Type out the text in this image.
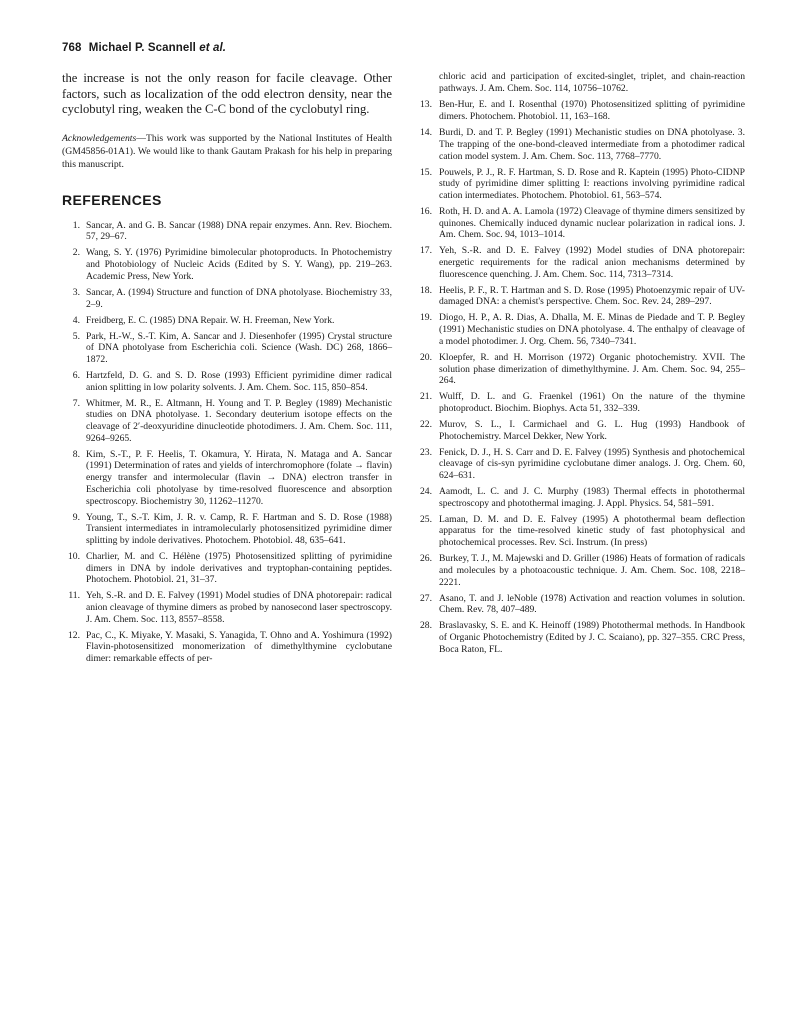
768 Michael P. Scannell et al.

the increase is not the only reason for facile cleavage. Other factors, such as localization of the odd electron density, near the cyclobutyl ring, weaken the C-C bond of the cyclobutyl ring.

Acknowledgements—This work was supported by the National Institutes of Health (GM45856-01A1). We would like to thank Gautam Prakash for his help in preparing this manuscript.

REFERENCES
1. Sancar, A. and G. B. Sancar (1988) DNA repair enzymes. Ann. Rev. Biochem. 57, 29–67.
2. Wang, S. Y. (1976) Pyrimidine bimolecular photoproducts. In Photochemistry and Photobiology of Nucleic Acids (Edited by S. Y. Wang), pp. 219–263. Academic Press, New York.
3. Sancar, A. (1994) Structure and function of DNA photolyase. Biochemistry 33, 2–9.
4. Freidberg, E. C. (1985) DNA Repair. W. H. Freeman, New York.
5. Park, H.-W., S.-T. Kim, A. Sancar and J. Diesenhofer (1995) Crystal structure of DNA photolyase from Escherichia coli. Science (Wash. DC) 268, 1866–1872.
6. Hartzfeld, D. G. and S. D. Rose (1993) Efficient pyrimidine dimer radical anion splitting in low polarity solvents. J. Am. Chem. Soc. 115, 850–854.
7. Whitmer, M. R., E. Altmann, H. Young and T. P. Begley (1989) Mechanistic studies on DNA photolyase. 1. Secondary deuterium isotope effects on the cleavage of 2′-deoxyuridine dinucleotide photodimers. J. Am. Chem. Soc. 111, 9264–9265.
8. Kim, S.-T., P. F. Heelis, T. Okamura, Y. Hirata, N. Mataga and A. Sancar (1991) Determination of rates and yields of interchromophore (folate → flavin) energy transfer and intermolecular (flavin → DNA) electron transfer in Escherichia coli photolyase by time-resolved fluorescence and absorption spectroscopy. Biochemistry 30, 11262–11270.
9. Young, T., S.-T. Kim, J. R. v. Camp, R. F. Hartman and S. D. Rose (1988) Transient intermediates in intramolecularly photosensitized pyrimidine dimer splitting by indole derivatives. Photochem. Photobiol. 48, 635–641.
10. Charlier, M. and C. Hélène (1975) Photosensitized splitting of pyrimidine dimers in DNA by indole derivatives and tryptophan-containing peptides. Photochem. Photobiol. 21, 31–37.
11. Yeh, S.-R. and D. E. Falvey (1991) Model studies of DNA photorepair: radical anion cleavage of thymine dimers as probed by nanosecond laser spectroscopy. J. Am. Chem. Soc. 113, 8557–8558.
12. Pac, C., K. Miyake, Y. Masaki, S. Yanagida, T. Ohno and A. Yoshimura (1992) Flavin-photosensitized monomerization of dimethylthymine cyclobutane dimer: remarkable effects of per-
chloric acid and participation of excited-singlet, triplet, and chain-reaction pathways. J. Am. Chem. Soc. 114, 10756–10762.
13. Ben-Hur, E. and I. Rosenthal (1970) Photosensitized splitting of pyrimidine dimers. Photochem. Photobiol. 11, 163–168.
14. Burdi, D. and T. P. Begley (1991) Mechanistic studies on DNA photolyase. 3. The trapping of the one-bond-cleaved intermediate from a photodimer radical cation model system. J. Am. Chem. Soc. 113, 7768–7770.
15. Pouwels, P. J., R. F. Hartman, S. D. Rose and R. Kaptein (1995) Photo-CIDNP study of pyrimidine dimer splitting I: reactions involving pyrimidine radical cation intermediates. Photochem. Photobiol. 61, 563–574.
16. Roth, H. D. and A. A. Lamola (1972) Cleavage of thymine dimers sensitized by quinones. Chemically induced dynamic nuclear polarization in radical ions. J. Am. Chem. Soc. 94, 1013–1014.
17. Yeh, S.-R. and D. E. Falvey (1992) Model studies of DNA photorepair: energetic requirements for the radical anion mechanisms determined by fluorescence quenching. J. Am. Chem. Soc. 114, 7313–7314.
18. Heelis, P. F., R. T. Hartman and S. D. Rose (1995) Photoenzymic repair of UV-damaged DNA: a chemist's perspective. Chem. Soc. Rev. 24, 289–297.
19. Diogo, H. P., A. R. Dias, A. Dhalla, M. E. Minas de Piedade and T. P. Begley (1991) Mechanistic studies on DNA photolyase. 4. The enthalpy of cleavage of a model photodimer. J. Org. Chem. 56, 7340–7341.
20. Kloepfer, R. and H. Morrison (1972) Organic photochemistry. XVII. The solution phase dimerization of dimethylthymine. J. Am. Chem. Soc. 94, 255–264.
21. Wulff, D. L. and G. Fraenkel (1961) On the nature of the thymine photoproduct. Biochim. Biophys. Acta 51, 332–339.
22. Murov, S. L., I. Carmichael and G. L. Hug (1993) Handbook of Photochemistry. Marcel Dekker, New York.
23. Fenick, D. J., H. S. Carr and D. E. Falvey (1995) Synthesis and photochemical cleavage of cis-syn pyrimidine cyclobutane dimer analogs. J. Org. Chem. 60, 624–631.
24. Aamodt, L. C. and J. C. Murphy (1983) Thermal effects in photothermal spectroscopy and photothermal imaging. J. Appl. Physics. 54, 581–591.
25. Laman, D. M. and D. E. Falvey (1995) A photothermal beam deflection apparatus for the time-resolved kinetic study of fast photophysical and photochemical processes. Rev. Sci. Instrum. (In press)
26. Burkey, T. J., M. Majewski and D. Griller (1986) Heats of formation of radicals and molecules by a photoacoustic technique. J. Am. Chem. Soc. 108, 2218–2221.
27. Asano, T. and J. leNoble (1978) Activation and reaction volumes in solution. Chem. Rev. 78, 407–489.
28. Braslavasky, S. E. and K. Heinoff (1989) Photothermal methods. In Handbook of Organic Photochemistry (Edited by J. C. Scaiano), pp. 327–355. CRC Press, Boca Raton, FL.
